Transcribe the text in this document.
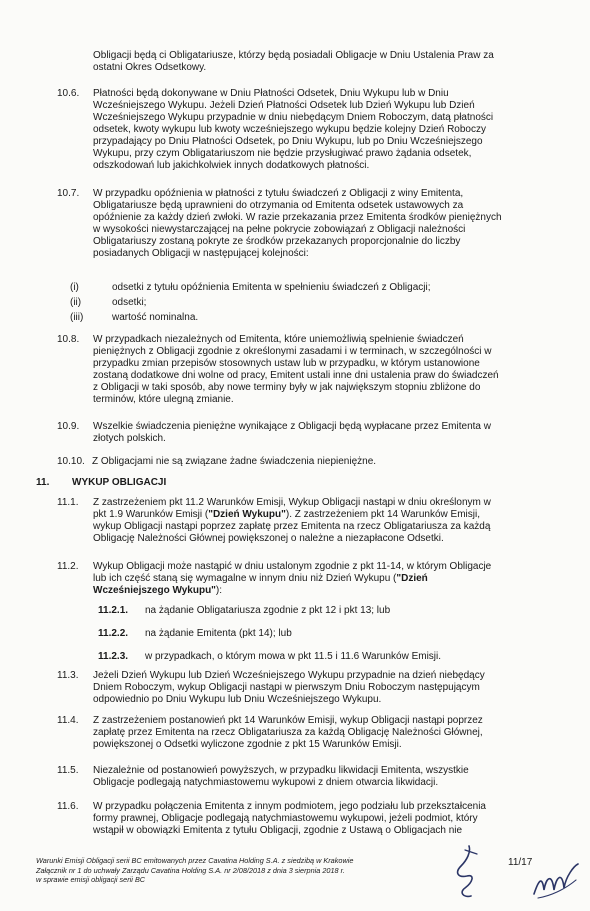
Obligacji będą ci Obligatariusze, którzy będą posiadali Obligacje w Dniu Ustalenia Praw za
ostatni Okres Odsetkowy.
10.6. Płatności będą dokonywane w Dniu Płatności Odsetek, Dniu Wykupu lub w Dniu
Wcześniejszego Wykupu. Jeżeli Dzień Płatności Odsetek lub Dzień Wykupu lub Dzień
Wcześniejszego Wykupu przypadnie w dniu niebędącym Dniem Roboczym, datą płatności
odsetek, kwoty wykupu lub kwoty wcześniejszego wykupu będzie kolejny Dzień Roboczy
przypadający po Dniu Płatności Odsetek, po Dniu Wykupu, lub po Dniu Wcześniejszego
Wykupu, przy czym Obligatariuszom nie będzie przysługiwać prawo żądania odsetek,
odszkodowań lub jakichkolwiek innych dodatkowych płatności.
10.7. W przypadku opóźnienia w płatności z tytułu świadczeń z Obligacji z winy Emitenta,
Obligatariusze będą uprawnieni do otrzymania od Emitenta odsetek ustawowych za
opóźnienie za każdy dzień zwłoki. W razie przekazania przez Emitenta środków pieniężnych
w wysokości niewystarczającej na pełne pokrycie zobowiązań z Obligacji należności
Obligatariuszy zostaną pokryte ze środków przekazanych proporcjonalnie do liczby
posiadanych Obligacji w następującej kolejności:
(i)	odsetki z tytułu opóźnienia Emitenta w spełnieniu świadczeń z Obligacji;
(ii)	odsetki;
(iii)	wartość nominalna.
10.8. W przypadkach niezależnych od Emitenta, które uniemożliwią spełnienie świadczeń
pieniężnych z Obligacji zgodnie z określonymi zasadami i w terminach, w szczególności w
przypadku zmian przepisów stosownych ustaw lub w przypadku, w którym ustanowione
zostaną dodatkowe dni wolne od pracy, Emitent ustali inne dni ustalenia praw do świadczeń
z Obligacji w taki sposób, aby nowe terminy były w jak największym stopniu zbliżone do
terminów, które ulegną zmianie.
10.9. Wszelkie świadczenia pieniężne wynikające z Obligacji będą wypłacane przez Emitenta w
złotych polskich.
10.10. Z Obligacjami nie są związane żadne świadczenia niepieniężne.
11. WYKUP OBLIGACJI
11.1. Z zastrzeżeniem pkt 11.2 Warunków Emisji, Wykup Obligacji nastąpi w dniu określonym w
pkt 1.9 Warunków Emisji ("Dzień Wykupu"). Z zastrzeżeniem pkt 14 Warunków Emisji,
wykup Obligacji nastąpi poprzez zapłatę przez Emitenta na rzecz Obligatariusza za każdą
Obligację Należności Głównej powiększonej o należne a niezapłacone Odsetki.
11.2. Wykup Obligacji może nastąpić w dniu ustalonym zgodnie z pkt 11-14, w którym Obligacje
lub ich część staną się wymagalne w innym dniu niż Dzień Wykupu ("Dzień
Wcześniejszego Wykupu"):
11.2.1. na żądanie Obligatariusza zgodnie z pkt 12 i pkt 13; lub
11.2.2. na żądanie Emitenta (pkt 14); lub
11.2.3. w przypadkach, o którym mowa w pkt 11.5 i 11.6 Warunków Emisji.
11.3. Jeżeli Dzień Wykupu lub Dzień Wcześniejszego Wykupu przypadnie na dzień niebędący
Dniem Roboczym, wykup Obligacji nastąpi w pierwszym Dniu Roboczym następującym
odpowiednio po Dniu Wykupu lub Dniu Wcześniejszego Wykupu.
11.4. Z zastrzeżeniem postanowień pkt 14 Warunków Emisji, wykup Obligacji nastąpi poprzez
zapłatę przez Emitenta na rzecz Obligatariusza za każdą Obligację Należności Głównej,
powiększonej o Odsetki wyliczone zgodnie z pkt 15 Warunków Emisji.
11.5. Niezależnie od postanowień powyższych, w przypadku likwidacji Emitenta, wszystkie
Obligacje podlegają natychmiastowemu wykupowi z dniem otwarcia likwidacji.
11.6. W przypadku połączenia Emitenta z innym podmiotem, jego podziału lub przekształcenia
formy prawnej, Obligacje podlegają natychmiastowemu wykupowi, jeżeli podmiot, który
wstąpił w obowiązki Emitenta z tytułu Obligacji, zgodnie z Ustawą o Obligacjach nie
Warunki Emisji Obligacji serii BC emitowanych przez Cavatina Holding S.A. z siedzibą w Krakowie
Załącznik nr 1 do uchwały Zarządu Cavatina Holding S.A. nr 2/08/2018 z dnia 3 sierpnia 2018 r.
w sprawie emisji obligacji serii BC
11/17
